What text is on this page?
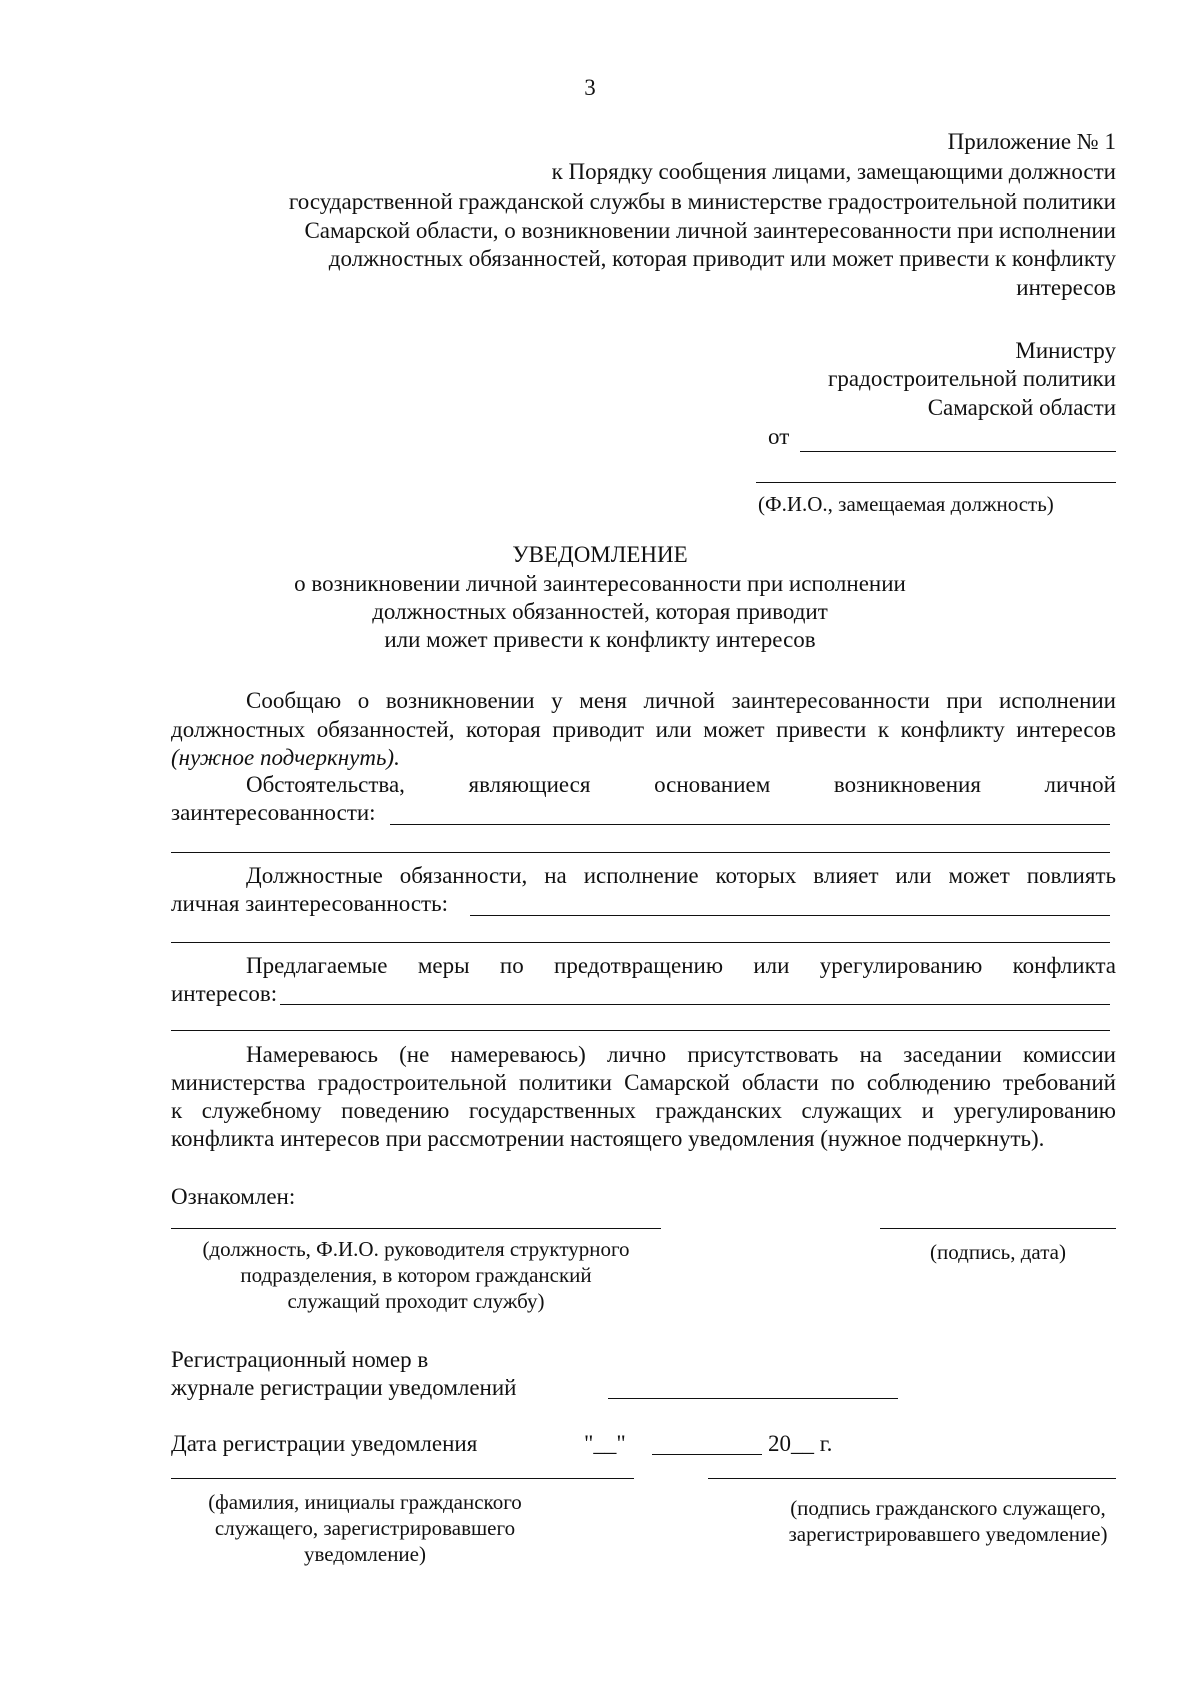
3
Приложение № 1
к Порядку сообщения лицами, замещающими должности
государственной гражданской службы в министерстве градостроительной политики
Самарской области, о возникновении личной заинтересованности при исполнении
должностных обязанностей, которая приводит или может привести к конфликту
интересов
Министру
градостроительной политики
Самарской области
от
(Ф.И.О., замещаемая должность)
УВЕДОМЛЕНИЕ
о возникновении личной заинтересованности при исполнении
должностных обязанностей, которая приводит
или может привести к конфликту интересов
Сообщаю о возникновении у меня личной заинтересованности при исполнении
должностных обязанностей, которая приводит или может привести к конфликту интересов
(нужное подчеркнуть).
Обстоятельства, являющиеся основанием возникновения личной
заинтересованности:
Должностные обязанности, на исполнение которых влияет или может повлиять
личная заинтересованность:
Предлагаемые меры по предотвращению или урегулированию конфликта
интересов:
Намереваюсь (не намереваюсь) лично присутствовать на заседании комиссии
министерства градостроительной политики Самарской области по соблюдению требований
к служебному поведению государственных гражданских служащих и урегулированию
конфликта интересов при рассмотрении настоящего уведомления (нужное подчеркнуть).
Ознакомлен:
(должность, Ф.И.О. руководителя структурного
подразделения, в котором гражданский
служащий проходит службу)
(подпись, дата)
Регистрационный номер в
журнале регистрации уведомлений
Дата регистрации уведомления	"__"	20__ г.
(фамилия, инициалы гражданского
служащего, зарегистрировавшего
уведомление)
(подпись гражданского служащего,
зарегистрировавшего уведомление)
